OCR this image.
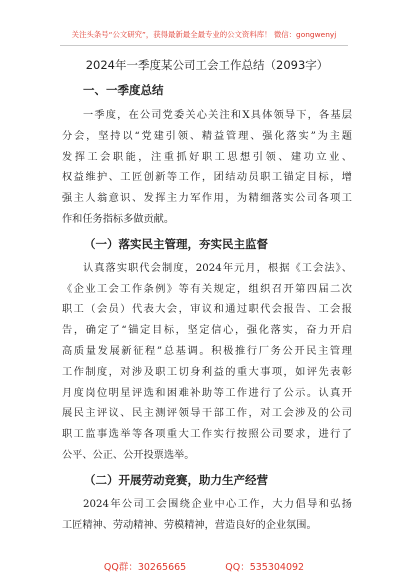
关注头条号“公文研究”，获得最新最全最专业的公文资料库！ 微信：gongwenyj
2024年一季度某公司工会工作总结（2093字）
一、一季度总结
一季度，在公司党委关心关注和X具体领导下，各基层
分会，坚持以“党建引领、精益管理、强化落实”为主题
发挥工会职能，注重抓好职工思想引领、建功立业、
权益维护、工匠创新等工作，团结动员职工锚定目标，增
强主人翁意识、发挥主力军作用，为精细落实公司各项工
作和任务指标多做贡献。
（一）落实民主管理，夯实民主监督
认真落实职代会制度，2024年元月，根据《工会法》、
《企业工会工作条例》等有关规定，组织召开第四届二次
职工（会员）代表大会，审议和通过职代会报告、工会报
告，确定了“锚定目标，坚定信心，强化落实，奋力开启
高质量发展新征程”总基调。积极推行厂务公开民主管理
工作制度，对涉及职工切身利益的重大事项，如评先表彰
月度岗位明星评选和困难补助等工作进行了公示。认真开
展民主评议、民主测评领导干部工作，对工会涉及的公司
职工监事选举等各项重大工作实行按照公司要求，进行了
公平、公正、公开投票选举。
（二）开展劳动竞赛，助力生产经营
2024年公司工会围绕企业中心工作，大力倡导和弘扬
工匠精神、劳动精神、劳模精神，营造良好的企业氛围。
QQ群：30265665	QQ：535304092
